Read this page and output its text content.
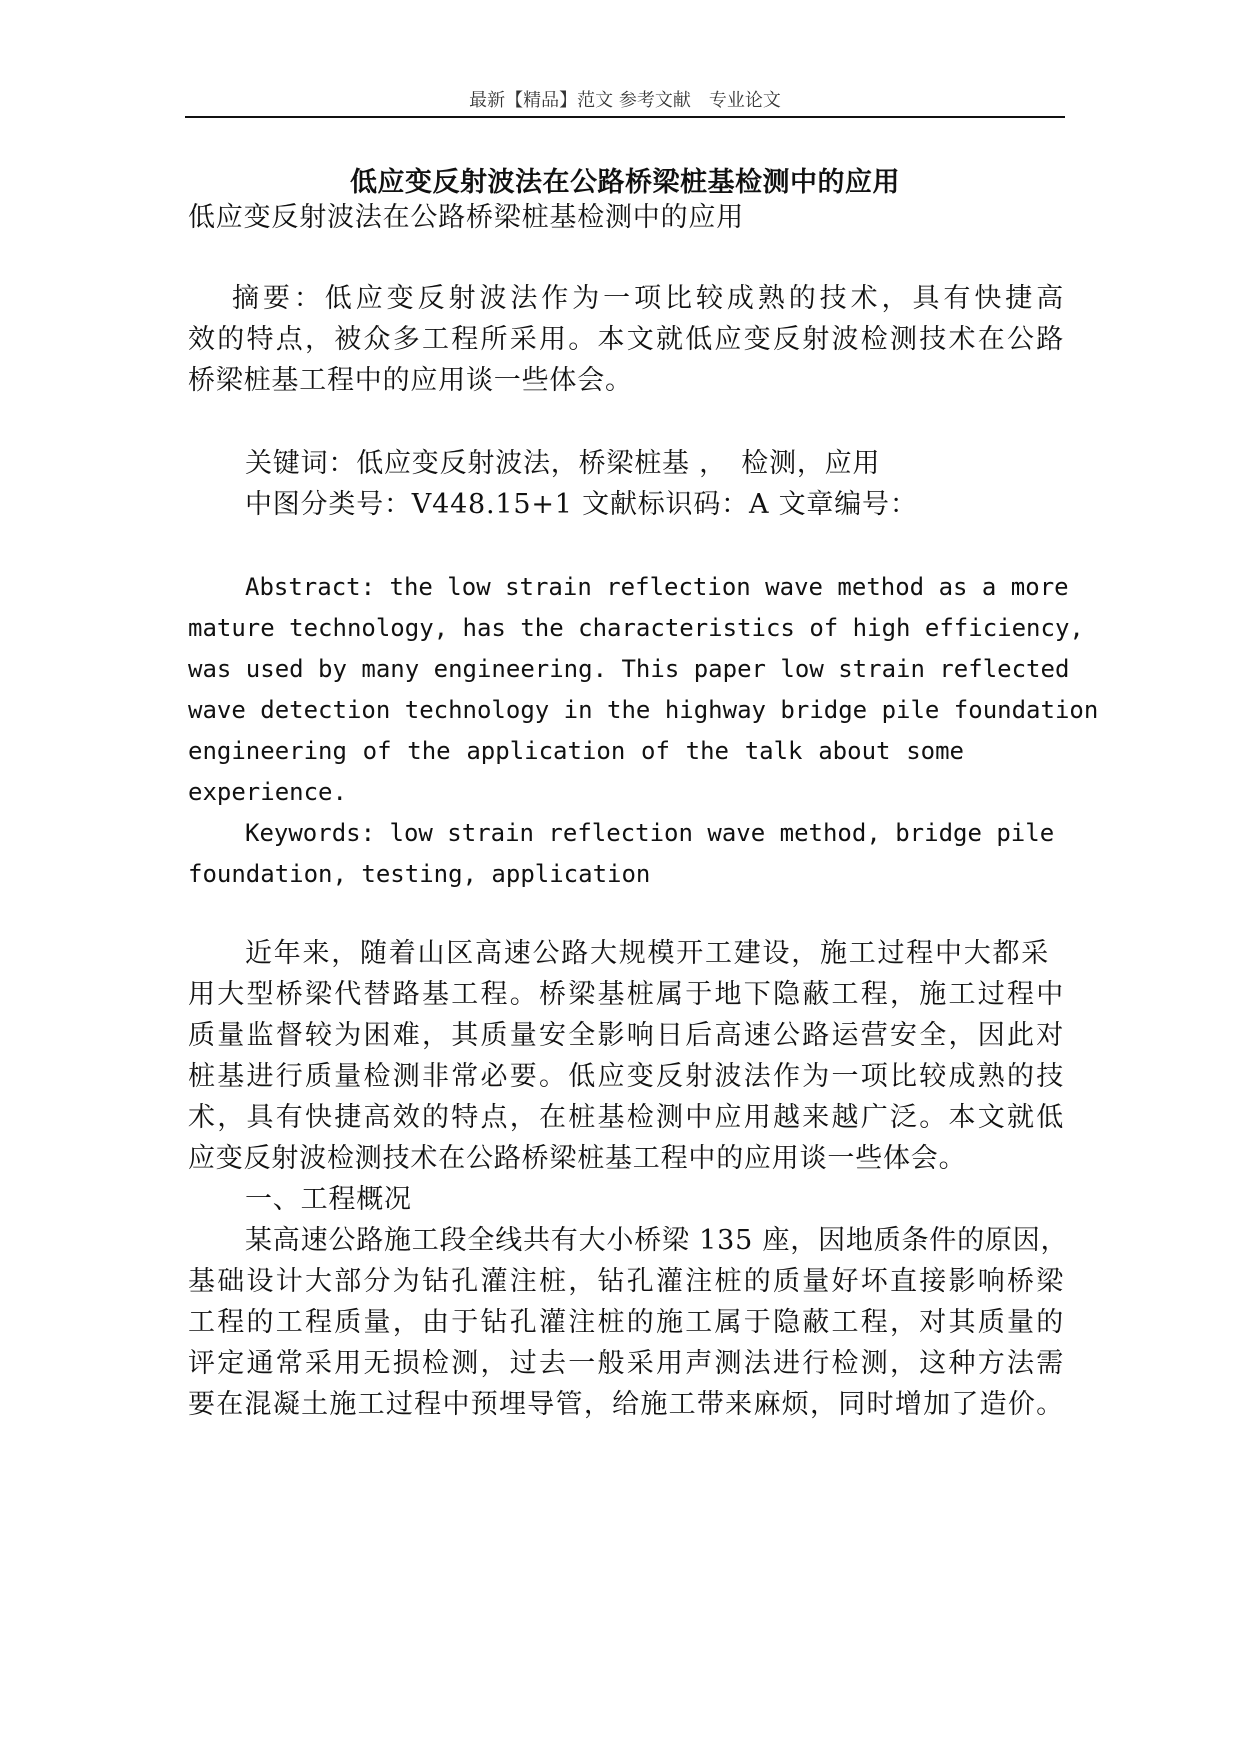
最新【精品】范文 参考文献　专业论文
低应变反射波法在公路桥梁桩基检测中的应用
低应变反射波法在公路桥梁桩基检测中的应用
摘要：低应变反射波法作为一项比较成熟的技术，具有快捷高
效的特点，被众多工程所采用。本文就低应变反射波检测技术在公路
桥梁桩基工程中的应用谈一些体会。
关键词：低应变反射波法，桥梁桩基 ，　检测，应用
中图分类号：V448.15+1 文献标识码：A 文章编号：
Abstract: the low strain reflection wave method as a more
mature technology, has the characteristics of high efficiency,
was used by many engineering. This paper low strain reflected
wave detection technology in the highway bridge pile foundation
engineering of the application of the talk about some
experience.
Keywords: low strain reflection wave method, bridge pile
foundation, testing, application
近年来，随着山区高速公路大规模开工建设，施工过程中大都采
用大型桥梁代替路基工程。桥梁基桩属于地下隐蔽工程，施工过程中
质量监督较为困难，其质量安全影响日后高速公路运营安全，因此对
桩基进行质量检测非常必要。低应变反射波法作为一项比较成熟的技
术，具有快捷高效的特点，在桩基检测中应用越来越广泛。本文就低
应变反射波检测技术在公路桥梁桩基工程中的应用谈一些体会。
一、工程概况
某高速公路施工段全线共有大小桥梁 135 座，因地质条件的原因，
基础设计大部分为钻孔灌注桩，钻孔灌注桩的质量好坏直接影响桥梁
工程的工程质量，由于钻孔灌注桩的施工属于隐蔽工程，对其质量的
评定通常采用无损检测，过去一般采用声测法进行检测，这种方法需
要在混凝土施工过程中预埋导管，给施工带来麻烦，同时增加了造价。
